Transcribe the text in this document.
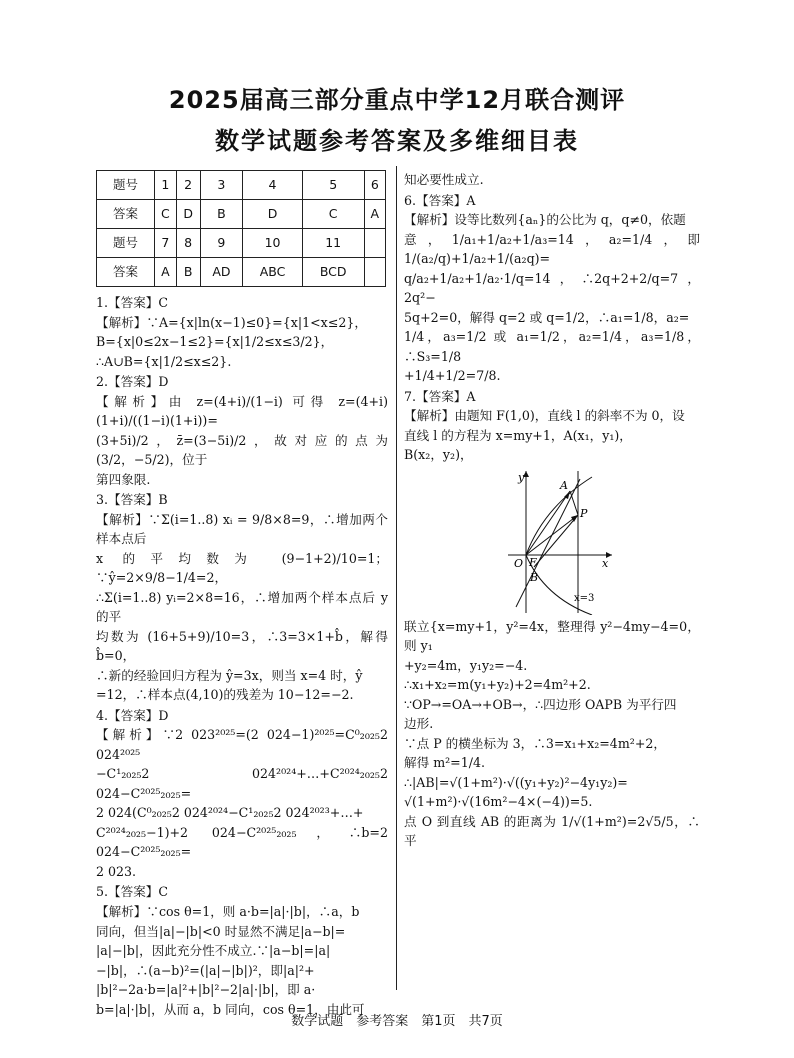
2025届高三部分重点中学12月联合测评
数学试题参考答案及多维细目表
题号	1	2	3	4	5	6
答案	C	D	B	D	C	A
题号	7	8	9	10	11	
答案	A	B	AD	ABC	BCD	

1.【答案】C

【解析】∵A={x|ln(x−1)≤0}={x|1<x≤2}，

B={x|0≤2x−1≤2}={x|1/2≤x≤3/2}，

∴A∪B={x|1/2≤x≤2}.

2.【答案】D

【解析】由 z=(4+i)/(1−i) 可得 z=(4+i)(1+i)/((1−i)(1+i))=

(3+5i)/2，z̄=(3−5i)/2，故对应的点为(3/2，−5/2)，位于

第四象限.

3.【答案】B

【解析】∵Σ(i=1..8) xᵢ = 9/8×8=9，∴增加两个样本点后

x 的平均数为 (9−1+2)/10=1；∵ŷ=2×9/8−1/4=2，

∴Σ(i=1..8) yᵢ=2×8=16，∴增加两个样本点后 y 的平

均数为 (16+5+9)/10=3，∴3=3×1+b̂，解得 b̂=0，

∴新的经验回归方程为 ŷ=3x，则当 x=4 时，ŷ

=12，∴样本点(4,10)的残差为 10−12=−2.

4.【答案】D

【解析】∵2 023²⁰²⁵=(2 024−1)²⁰²⁵=C⁰₂₀₂₅2 024²⁰²⁵

−C¹₂₀₂₅2 024²⁰²⁴+…+C²⁰²⁴₂₀₂₅2 024−C²⁰²⁵₂₀₂₅=

2 024(C⁰₂₀₂₅2 024²⁰²⁴−C¹₂₀₂₅2 024²⁰²³+…+

C²⁰²⁴₂₀₂₅−1)+2 024−C²⁰²⁵₂₀₂₅，∴b=2 024−C²⁰²⁵₂₀₂₅=

2 023.

5.【答案】C

【解析】∵cos θ=1，则 a·b=|a|·|b|，∴a，b

同向，但当|a|−|b|<0 时显然不满足|a−b|=

|a|−|b|，因此充分性不成立.∵|a−b|=|a|

−|b|，∴(a−b)²=(|a|−|b|)²，即|a|²+

|b|²−2a·b=|a|²+|b|²−2|a|·|b|，即 a·

b=|a|·|b|，从而 a，b 同向，cos θ=1，由此可

知必要性成立.

6.【答案】A

【解析】设等比数列{aₙ}的公比为 q，q≠0，依题

意，1/a₁+1/a₂+1/a₃=14，a₂=1/4，即 1/(a₂/q)+1/a₂+1/(a₂q)=

q/a₂+1/a₂+1/a₂·1/q=14，∴2q+2+2/q=7，2q²−

5q+2=0，解得 q=2 或 q=1/2，∴a₁=1/8，a₂=

1/4，a₃=1/2 或 a₁=1/2，a₂=1/4，a₃=1/8，∴S₃=1/8

+1/4+1/2=7/8.

7.【答案】A

【解析】由题知 F(1,0)，直线 l 的斜率不为 0，设

直线 l 的方程为 x=my+1，A(x₁，y₁)，

B(x₂，y₂)，

y
x
O F
A
B
P
x=3

联立{x=my+1，y²=4x，整理得 y²−4my−4=0，则 y₁

+y₂=4m，y₁y₂=−4.

∴x₁+x₂=m(y₁+y₂)+2=4m²+2.

∵OP→=OA→+OB→，∴四边形 OAPB 为平行四

边形.

∵点 P 的横坐标为 3，∴3=x₁+x₂=4m²+2，

解得 m²=1/4.

∴|AB|=√(1+m²)·√((y₁+y₂)²−4y₁y₂)=

√(1+m²)·√(16m²−4×(−4))=5.

点 O 到直线 AB 的距离为 1/√(1+m²)=2√5/5，∴平

数学试题　参考答案　第1页　共7页
